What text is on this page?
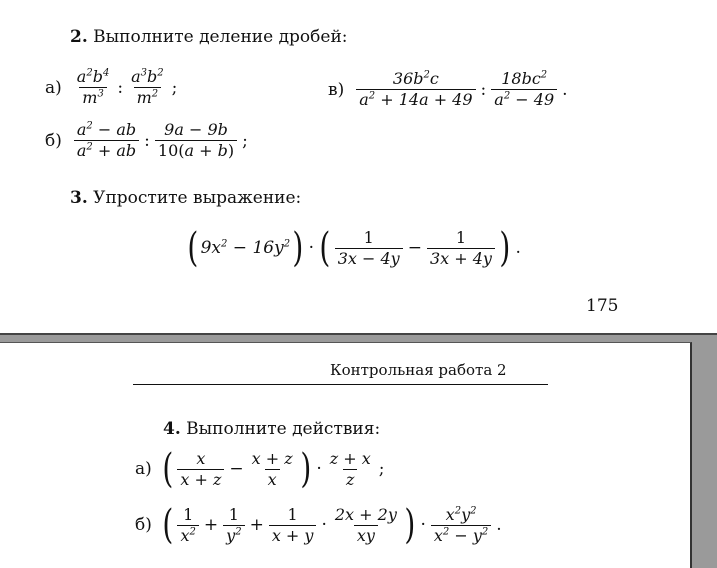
2. Выполните деление дробей:
$а) \frac{a^2b^4}{m^3}$ : $\frac{a^3b^2}{m^2}$ ;	$в) \frac{36b^2c}{a^2 + 14a + 49}$ : $\frac{18bc^2}{a^2 - 49}$ .
$б) \frac{a^2 - ab}{a^2 + ab}$ : $\frac{9a - 9b}{10(a + b)}$ ;
3. Упростите выражение:
( $9x^2 - 16y^2$ ) · ( $\frac{1}{3x - 4y} - \frac{1}{3x + 4y}$ ) .
175
Контрольная работа 2
4. Выполните действия:
а) ( $\frac{x}{x + z} - \frac{x + z}{x}$ ) · $\frac{z + x}{z}$ ;
б) ( $\frac{1}{x^2} + \frac{1}{y^2} + \frac{1}{x + y} \cdot \frac{2x + 2y}{xy}$ ) · $\frac{x^2y^2}{x^2 - y^2}$ .
